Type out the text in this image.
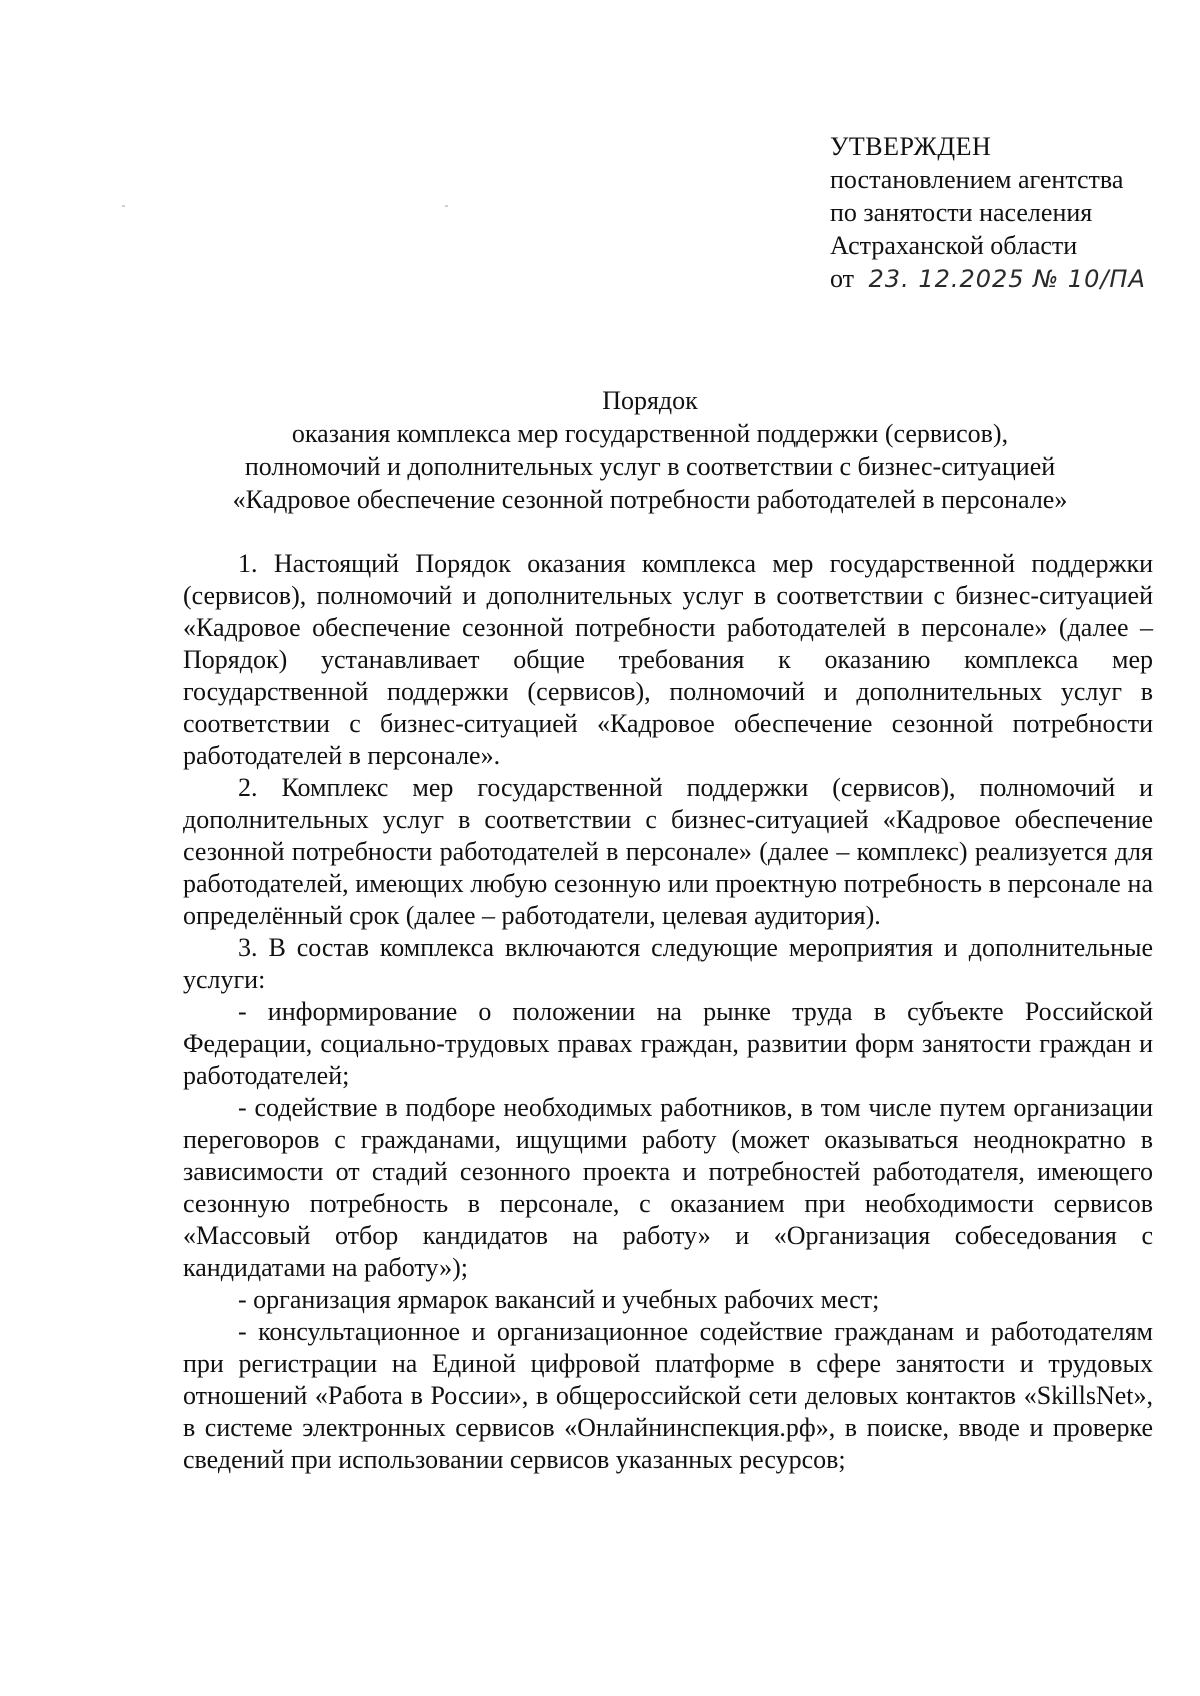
УТВЕРЖДЕН
постановлением агентства
по занятости населения
Астраханской области
от 23. 12.2025 № 10/ПА
Порядок
оказания комплекса мер государственной поддержки (сервисов),
полномочий и дополнительных услуг в соответствии с бизнес-ситуацией
«Кадровое обеспечение сезонной потребности работодателей в персонале»

1. Настоящий Порядок оказания комплекса мер государственной поддержки (сервисов), полномочий и дополнительных услуг в соответствии с бизнес-ситуацией «Кадровое обеспечение сезонной потребности работодателей в персонале» (далее – Порядок) устанавливает общие требования к оказанию комплекса мер государственной поддержки (сервисов), полномочий и дополнительных услуг в соответствии с бизнес-ситуацией «Кадровое обеспечение сезонной потребности работодателей в персонале».

2. Комплекс мер государственной поддержки (сервисов), полномочий и дополнительных услуг в соответствии с бизнес-ситуацией «Кадровое обеспечение сезонной потребности работодателей в персонале» (далее – комплекс) реализуется для работодателей, имеющих любую сезонную или проектную потребность в персонале на определённый срок (далее – работодатели, целевая аудитория).

3. В состав комплекса включаются следующие мероприятия и дополнительные услуги:

- информирование о положении на рынке труда в субъекте Российской Федерации, социально-трудовых правах граждан, развитии форм занятости граждан и работодателей;

- содействие в подборе необходимых работников, в том числе путем организации переговоров с гражданами, ищущими работу (может оказываться неоднократно в зависимости от стадий сезонного проекта и потребностей работодателя, имеющего сезонную потребность в персонале, с оказанием при необходимости сервисов «Массовый отбор кандидатов на работу» и «Организация собеседования с кандидатами на работу»);

- организация ярмарок вакансий и учебных рабочих мест;

- консультационное и организационное содействие гражданам и работодателям при регистрации на Единой цифровой платформе в сфере занятости и трудовых отношений «Работа в России», в общероссийской сети деловых контактов «SkillsNet», в системе электронных сервисов «Онлайнинспекция.рф», в поиске, вводе и проверке сведений при использовании сервисов указанных ресурсов;
